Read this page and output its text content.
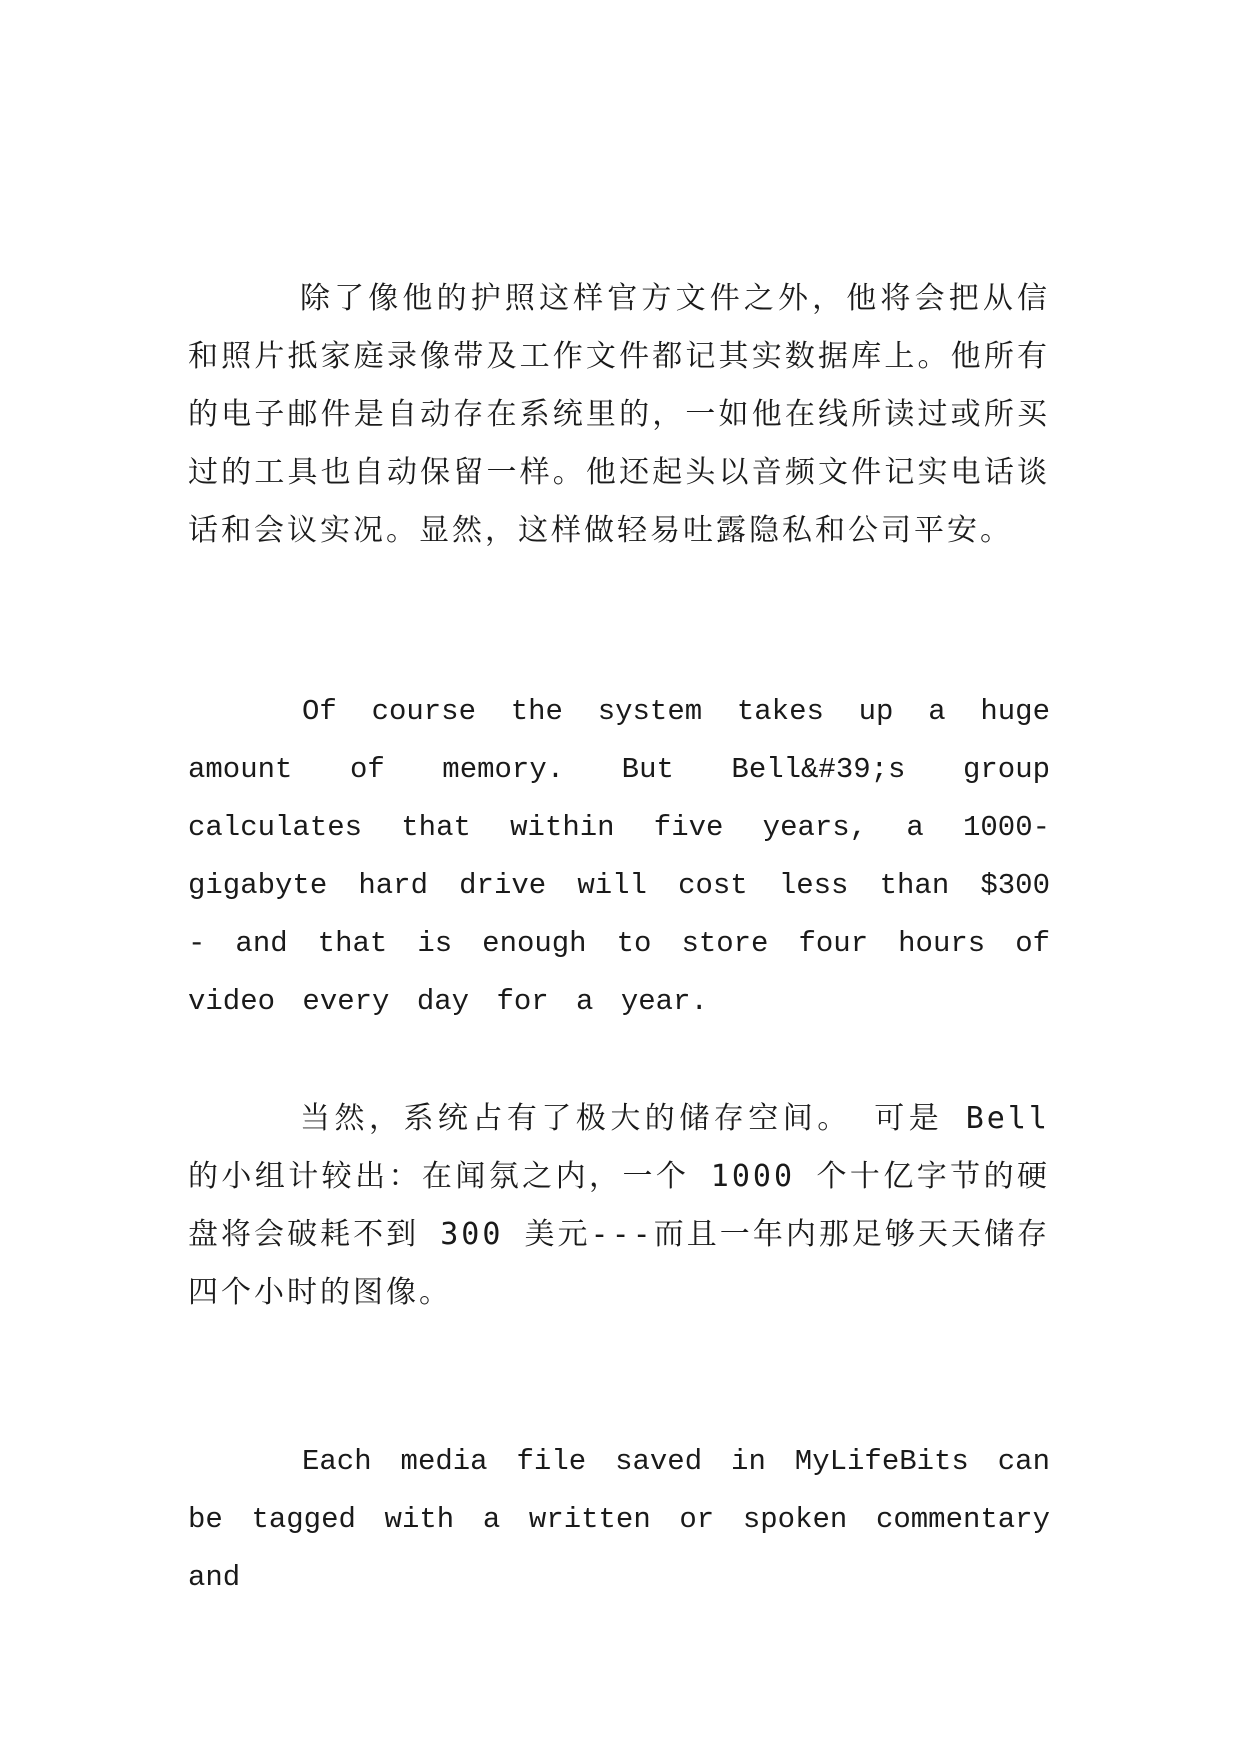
除了像他的护照这样官方文件之外，他将会把从信和照片抵家庭录像带及工作文件都记其实数据库上。他所有的电子邮件是自动存在系统里的，一如他在线所读过或所买过的工具也自动保留一样。他还起头以音频文件记实电话谈话和会议实况。显然，这样做轻易吐露隐私和公司平安。

Of course the system takes up a huge amount of memory. But Bell&#39;s group calculates that within five years, a 1000-gigabyte hard drive will cost less than $300 - and that is enough to store four hours of video every day for a year.

当然，系统占有了极大的储存空间。 可是 Bell 的小组计较出：在闻氛之内，一个 1000 个十亿字节的硬盘将会破耗不到 300 美元---而且一年内那足够天天储存四个小时的图像。

Each media file saved in MyLifeBits can be tagged with a written or spoken commentary and
